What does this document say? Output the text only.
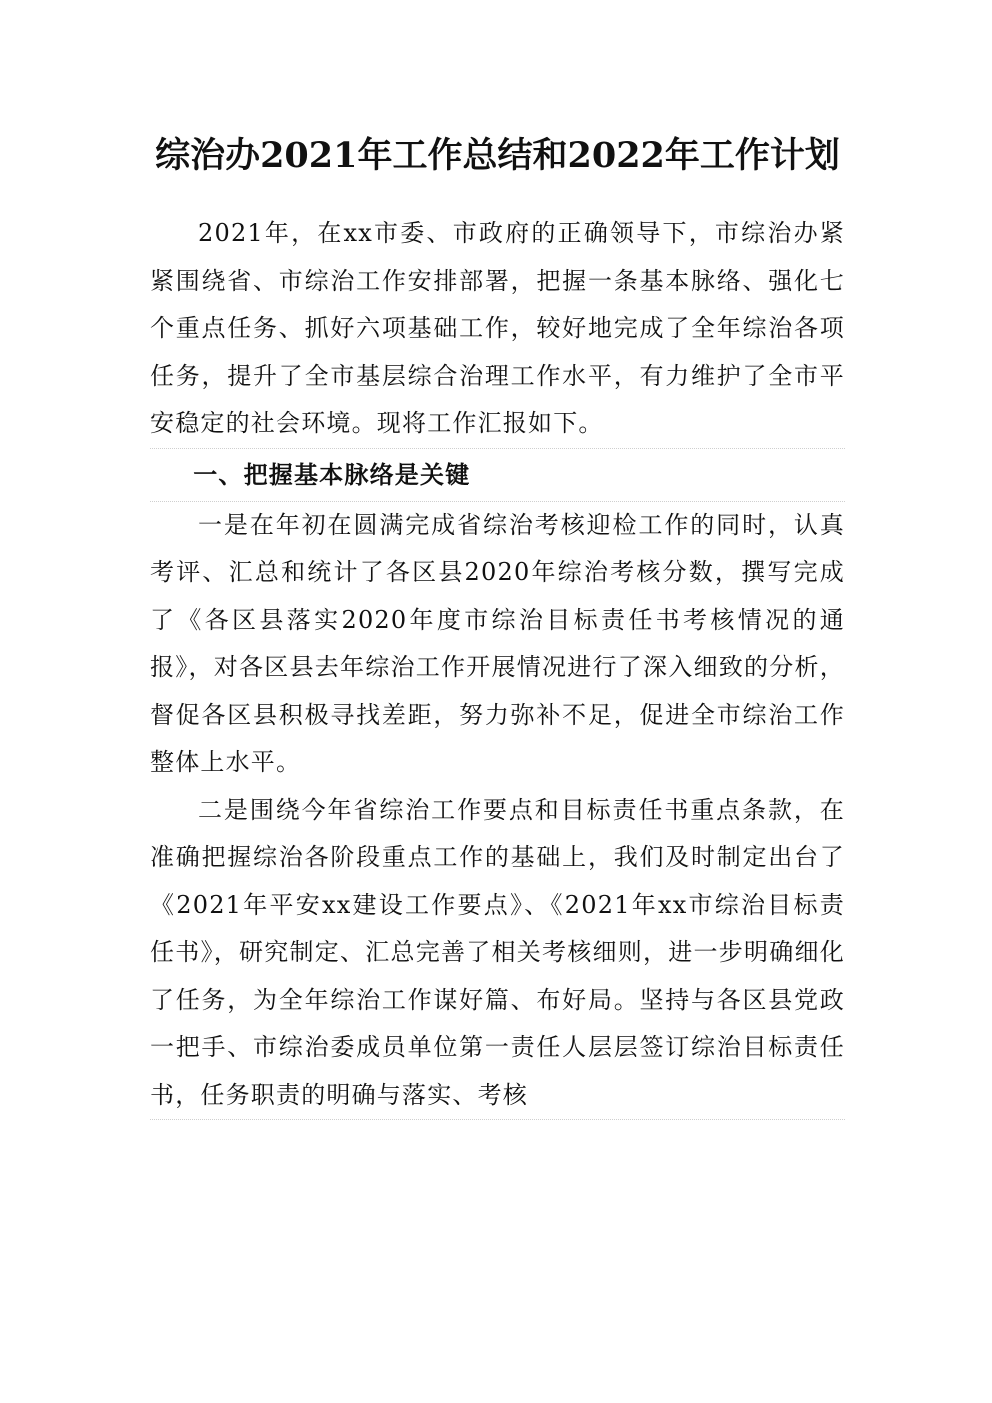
综治办2021年工作总结和2022年工作计划

2021年，在xx市委、市政府的正确领导下，市综治办紧紧围绕省、市综治工作安排部署，把握一条基本脉络、强化七个重点任务、抓好六项基础工作，较好地完成了全年综治各项任务，提升了全市基层综合治理工作水平，有力维护了全市平安稳定的社会环境。现将工作汇报如下。

一、把握基本脉络是关键

一是在年初在圆满完成省综治考核迎检工作的同时，认真考评、汇总和统计了各区县2020年综治考核分数，撰写完成了《各区县落实2020年度市综治目标责任书考核情况的通报》，对各区县去年综治工作开展情况进行了深入细致的分析，督促各区县积极寻找差距，努力弥补不足，促进全市综治工作整体上水平。

二是围绕今年省综治工作要点和目标责任书重点条款，在准确把握综治各阶段重点工作的基础上，我们及时制定出台了《2021年平安xx建设工作要点》、《2021年xx市综治目标责任书》，研究制定、汇总完善了相关考核细则，进一步明确细化了任务，为全年综治工作谋好篇、布好局。坚持与各区县党政一把手、市综治委成员单位第一责任人层层签订综治目标责任书，任务职责的明确与落实、考核
